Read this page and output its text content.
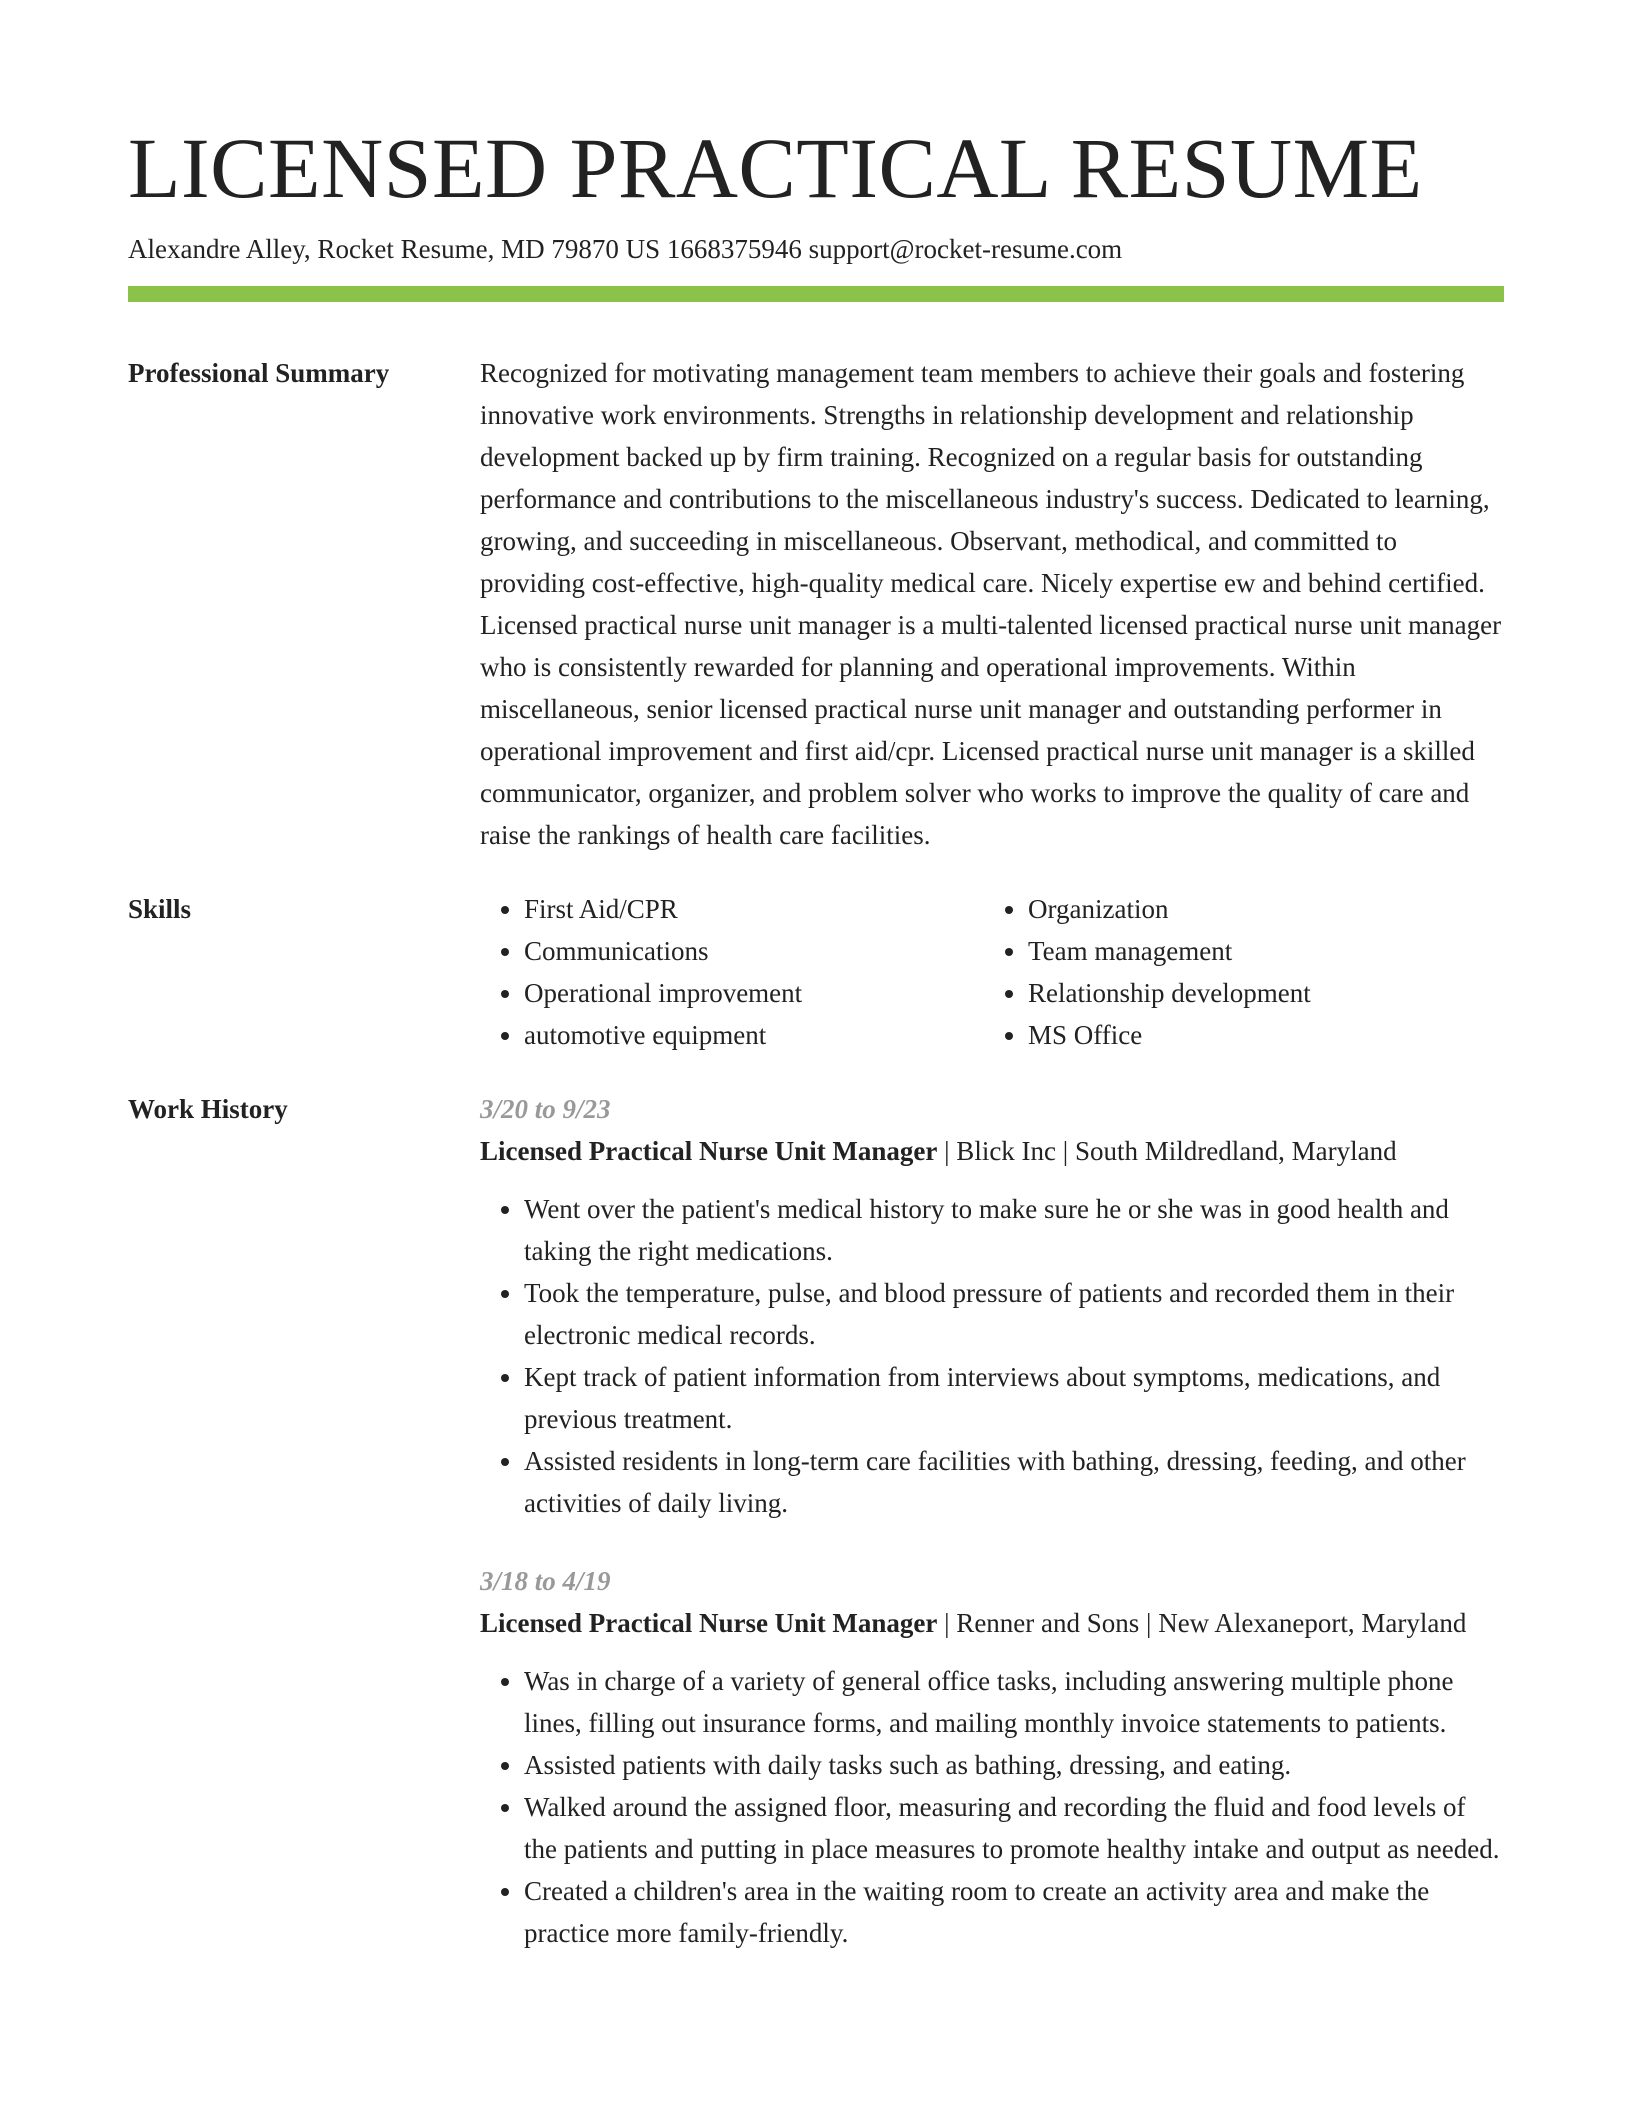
LICENSED PRACTICAL RESUME
Alexandre Alley, Rocket Resume, MD 79870 US 1668375946 support@rocket-resume.com
Professional Summary	Recognized for motivating management team members to achieve their goals and fostering innovative work environments. Strengths in relationship development and relationship development backed up by firm training. Recognized on a regular basis for outstanding performance and contributions to the miscellaneous industry's success. Dedicated to learning, growing, and succeeding in miscellaneous. Observant, methodical, and committed to providing cost-effective, high-quality medical care. Nicely expertise ew and behind certified. Licensed practical nurse unit manager is a multi-talented licensed practical nurse unit manager who is consistently rewarded for planning and operational improvements. Within miscellaneous, senior licensed practical nurse unit manager and outstanding performer in operational improvement and first aid/cpr. Licensed practical nurse unit manager is a skilled communicator, organizer, and problem solver who works to improve the quality of care and raise the rankings of health care facilities.

Skills
•	First Aid/CPR
• Communications
• Operational improvement
• automotive equipment
• Organization
• Team management
• Relationship development
• MS Office
Work History	3/20 to 9/23
Licensed Practical Nurse Unit Manager | Blick Inc | South Mildredland, Maryland
• Went over the patient's medical history to make sure he or she was in good health and taking the right medications.
• Took the temperature, pulse, and blood pressure of patients and recorded them in their electronic medical records.
• Kept track of patient information from interviews about symptoms, medications, and previous treatment.
• Assisted residents in long-term care facilities with bathing, dressing, feeding, and other activities of daily living.
3/18 to 4/19
Licensed Practical Nurse Unit Manager | Renner and Sons | New Alexaneport, Maryland
• Was in charge of a variety of general office tasks, including answering multiple phone lines, filling out insurance forms, and mailing monthly invoice statements to patients.
• Assisted patients with daily tasks such as bathing, dressing, and eating.
• Walked around the assigned floor, measuring and recording the fluid and food levels of the patients and putting in place measures to promote healthy intake and output as needed.
• Created a children's area in the waiting room to create an activity area and make the practice more family-friendly.
